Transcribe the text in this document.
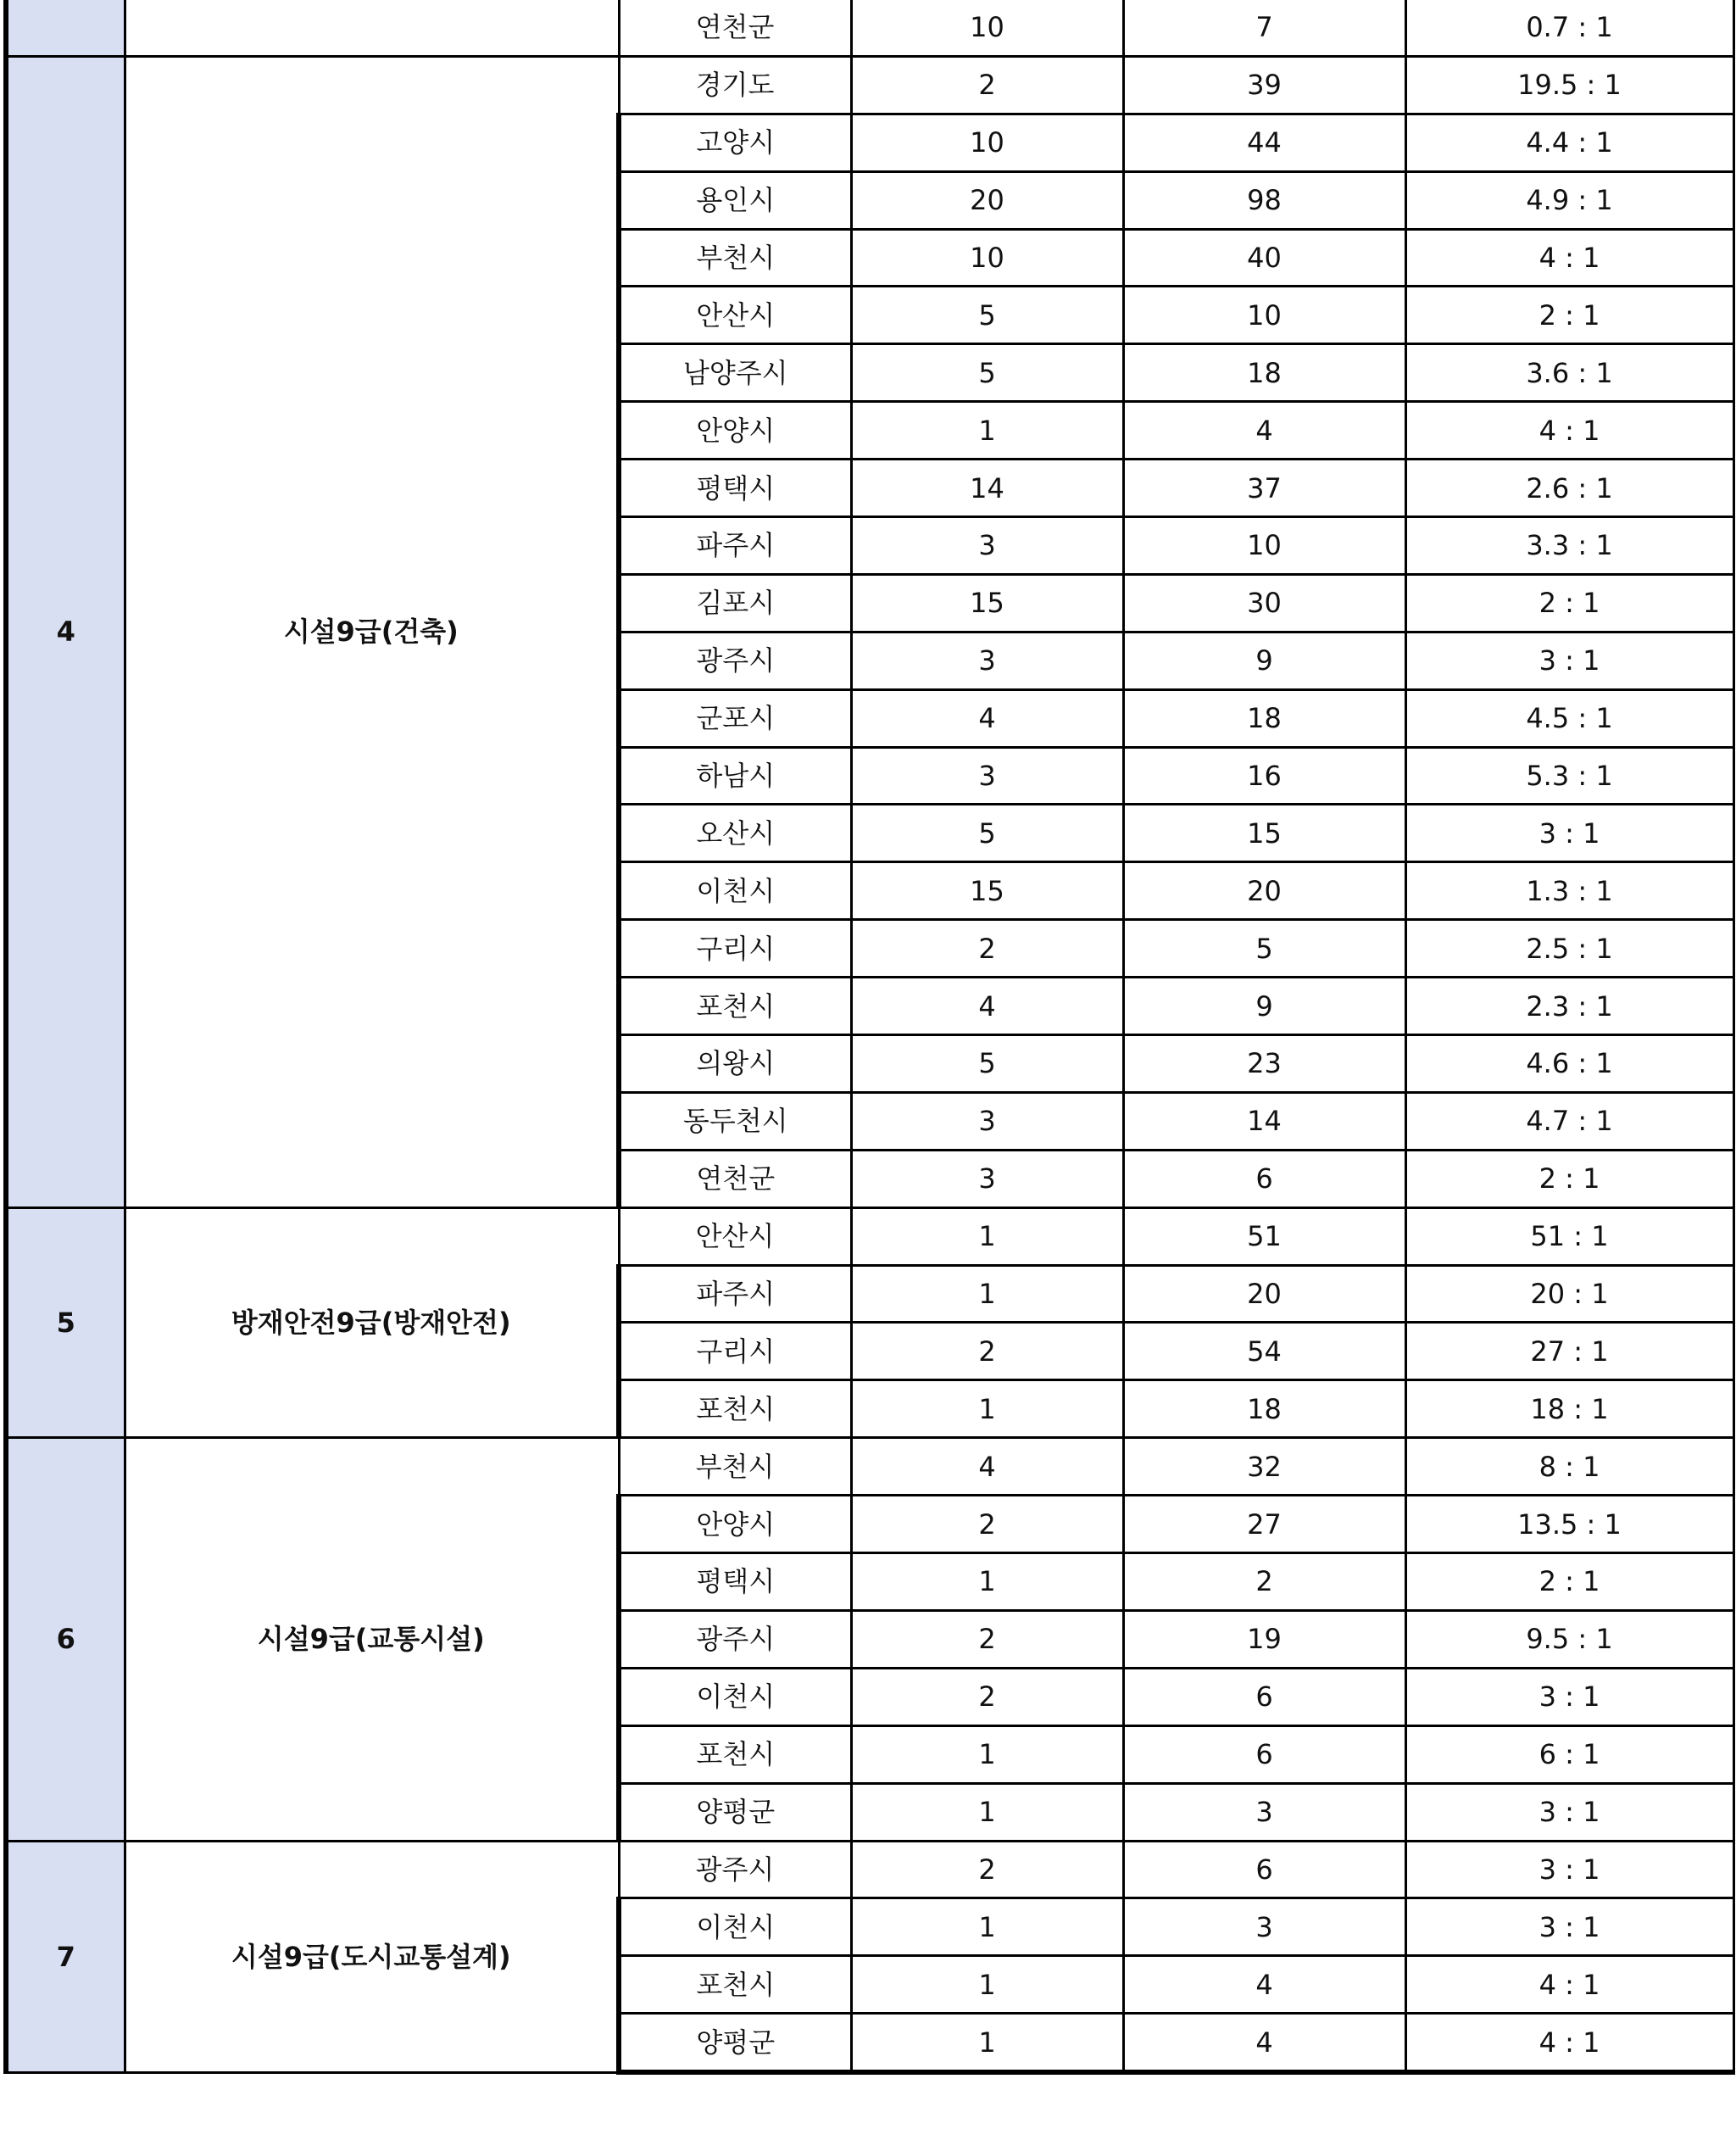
		연천군	10	7	0.7 : 1
4	시설9급(건축)	경기도	2	39	19.5 : 1
		고양시	10	44	4.4 : 1
		용인시	20	98	4.9 : 1
		부천시	10	40	4 : 1
		안산시	5	10	2 : 1
		남양주시	5	18	3.6 : 1
		안양시	1	4	4 : 1
		평택시	14	37	2.6 : 1
		파주시	3	10	3.3 : 1
		김포시	15	30	2 : 1
		광주시	3	9	3 : 1
		군포시	4	18	4.5 : 1
		하남시	3	16	5.3 : 1
		오산시	5	15	3 : 1
		이천시	15	20	1.3 : 1
		구리시	2	5	2.5 : 1
		포천시	4	9	2.3 : 1
		의왕시	5	23	4.6 : 1
		동두천시	3	14	4.7 : 1
		연천군	3	6	2 : 1
5	방재안전9급(방재안전)	안산시	1	51	51 : 1
		파주시	1	20	20 : 1
		구리시	2	54	27 : 1
		포천시	1	18	18 : 1
6	시설9급(교통시설)	부천시	4	32	8 : 1
		안양시	2	27	13.5 : 1
		평택시	1	2	2 : 1
		광주시	2	19	9.5 : 1
		이천시	2	6	3 : 1
		포천시	1	6	6 : 1
		양평군	1	3	3 : 1
7	시설9급(도시교통설계)	광주시	2	6	3 : 1
		이천시	1	3	3 : 1
		포천시	1	4	4 : 1
		양평군	1	4	4 : 1
